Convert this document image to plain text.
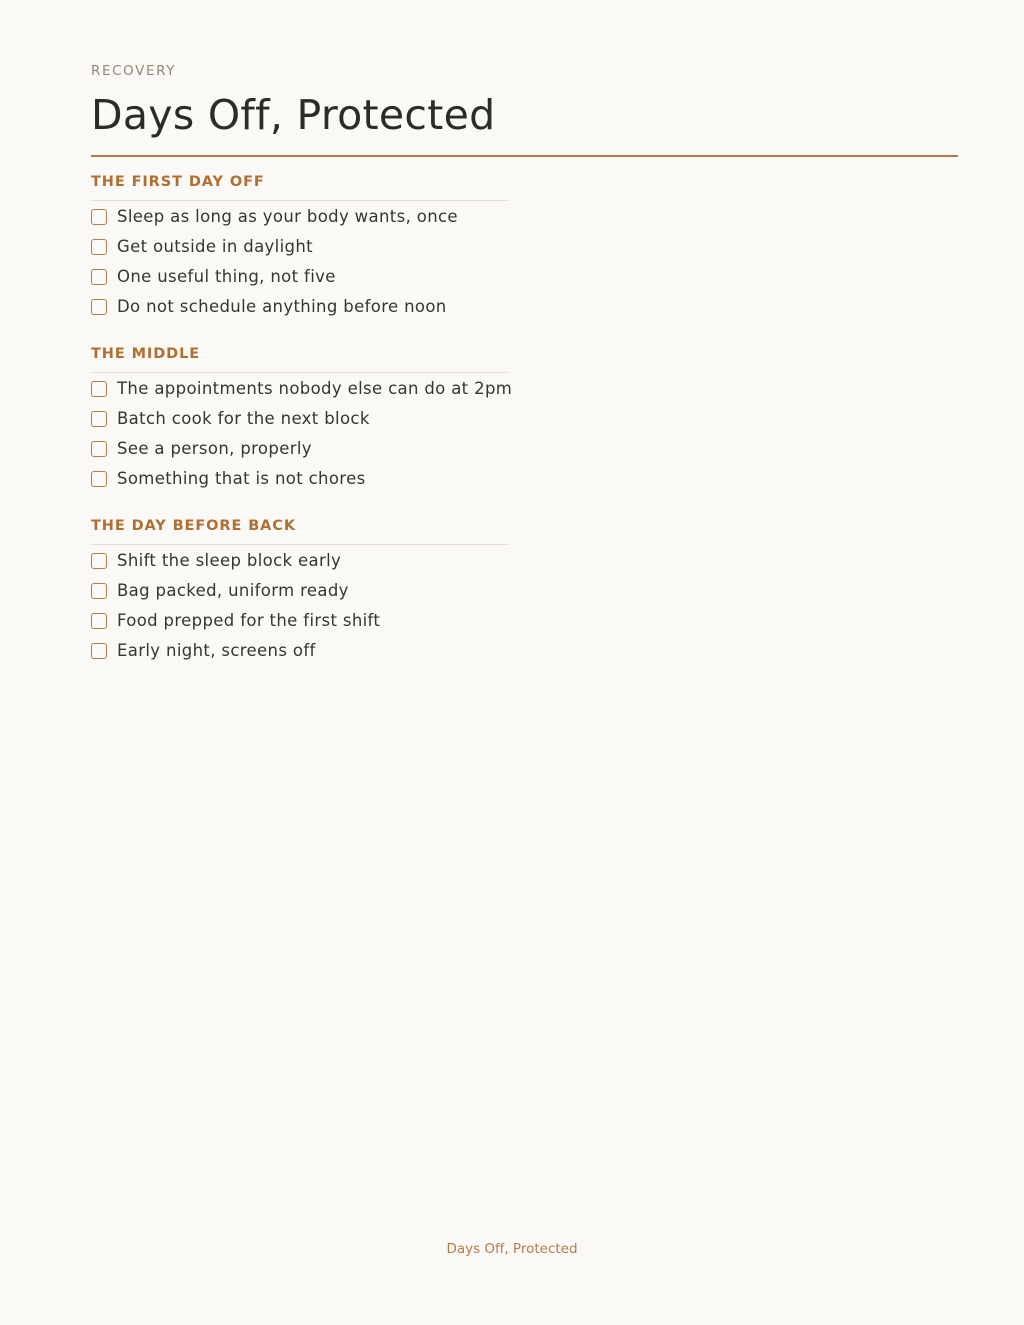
RECOVERY

Days Off, Protected
THE FIRST DAY OFF
Sleep as long as your body wants, once
Get outside in daylight
One useful thing, not five
Do not schedule anything before noon
THE MIDDLE
The appointments nobody else can do at 2pm
Batch cook for the next block
See a person, properly
Something that is not chores
THE DAY BEFORE BACK
Shift the sleep block early
Bag packed, uniform ready
Food prepped for the first shift
Early night, screens off
Days Off, Protected
